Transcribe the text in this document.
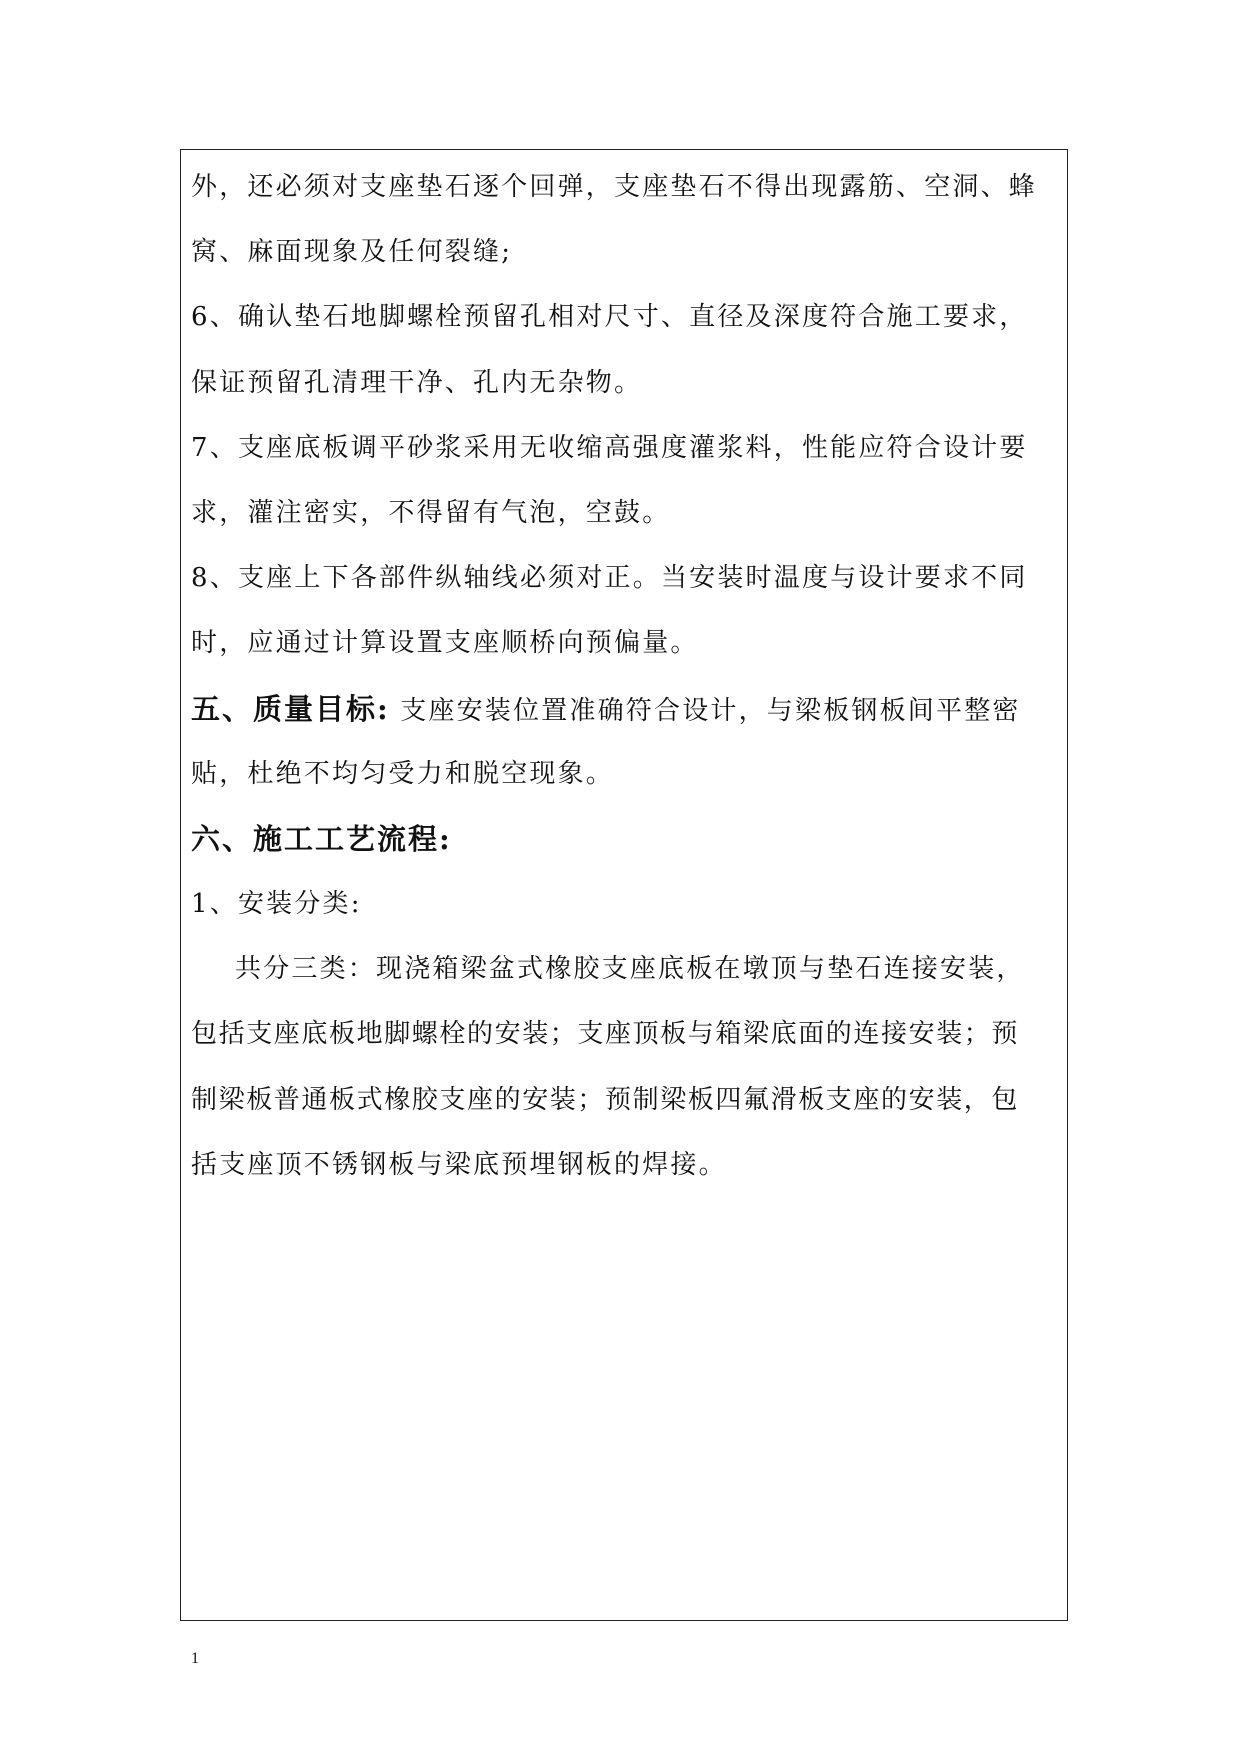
外，还必须对支座垫石逐个回弹，支座垫石不得出现露筋、空洞、蜂
窝、麻面现象及任何裂缝;
6、确认垫石地脚螺栓预留孔相对尺寸、直径及深度符合施工要求，
保证预留孔清理干净、孔内无杂物。
7、支座底板调平砂浆采用无收缩高强度灌浆料，性能应符合设计要
求，灌注密实，不得留有气泡，空鼓。
8、支座上下各部件纵轴线必须对正。当安装时温度与设计要求不同
时，应通过计算设置支座顺桥向预偏量。
五、质量目标: 支座安装位置准确符合设计，与梁板钢板间平整密
贴，杜绝不均匀受力和脱空现象。
六、施工工艺流程:
1、安装分类:
共分三类：现浇箱梁盆式橡胶支座底板在墩顶与垫石连接安装，
包括支座底板地脚螺栓的安装；支座顶板与箱梁底面的连接安装；预
制梁板普通板式橡胶支座的安装；预制梁板四氟滑板支座的安装，包
括支座顶不锈钢板与梁底预埋钢板的焊接。
1
